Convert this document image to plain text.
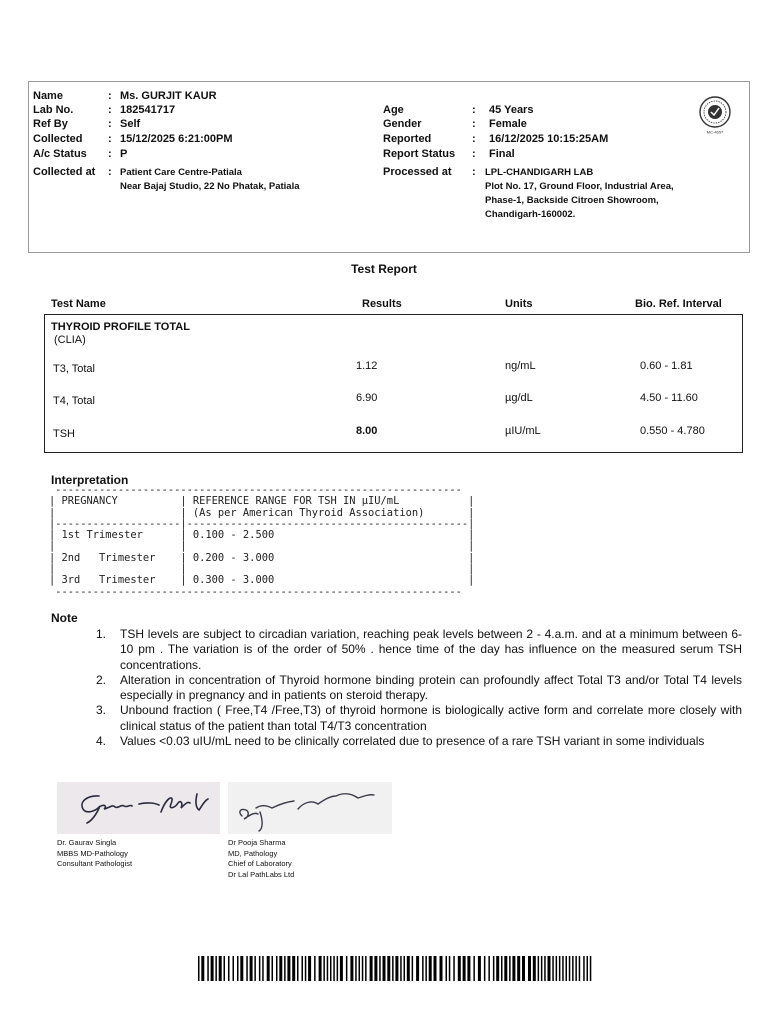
Name	: Ms. GURJIT KAUR
Lab No.	: 182541717
Ref By	: Self
Collected : 15/12/2025 6:21:00PM
A/c Status : P
Collected at : Patient Care Centre-Patiala
Near Bajaj Studio, 22 No Phatak, Patiala
Age	: 45 Years
Gender	: Female
Reported	: 16/12/2025 10:15:25AM
Report Status : Final
Processed at : LPL-CHANDIGARH LAB
Plot No. 17, Ground Floor, Industrial Area,
Phase-1, Backside Citroen Showroom,
Chandigarh-160002.
MC-4657
Test Report
Test Name	Results	Units	Bio. Ref. Interval
THYROID PROFILE TOTAL
(CLIA)
T3, Total	1.12	ng/mL	0.60 - 1.81
T4, Total	6.90	µg/dL	4.50 - 11.60
TSH	8.00	µIU/mL	0.550 - 4.780
Interpretation
-----------------------------------------------------------------
| PREGNANCY          | REFERENCE RANGE FOR TSH IN µIU/mL           |
|                    | (As per American Thyroid Association)       |
|--------------------|---------------------------------------------|
| 1st Trimester      | 0.100 - 2.500                               |
|                    |                                             |
| 2nd   Trimester    | 0.200 - 3.000                               |
|                    |                                             |
| 3rd   Trimester    | 0.300 - 3.000                               |
-----------------------------------------------------------------
Note
1. TSH levels are subject to circadian variation, reaching peak levels between 2 - 4.a.m. and at a minimum between 6-10 pm . The variation is of the order of 50% . hence time of the day has influence on the measured serum TSH concentrations.
2. Alteration in concentration of Thyroid hormone binding protein can profoundly affect Total T3 and/or Total T4 levels especially in pregnancy and in patients on steroid therapy.
3. Unbound fraction ( Free,T4 /Free,T3) of thyroid hormone is biologically active form and correlate more closely with clinical status of the patient than total T4/T3 concentration
4. Values <0.03 uIU/mL need to be clinically correlated due to presence of a rare TSH variant in some individuals
Dr. Gaurav Singla
MBBS MD-Pathology
Consultant Pathologist
Dr Pooja Sharma
MD, Pathology
Chief of Laboratory
Dr Lal PathLabs Ltd
